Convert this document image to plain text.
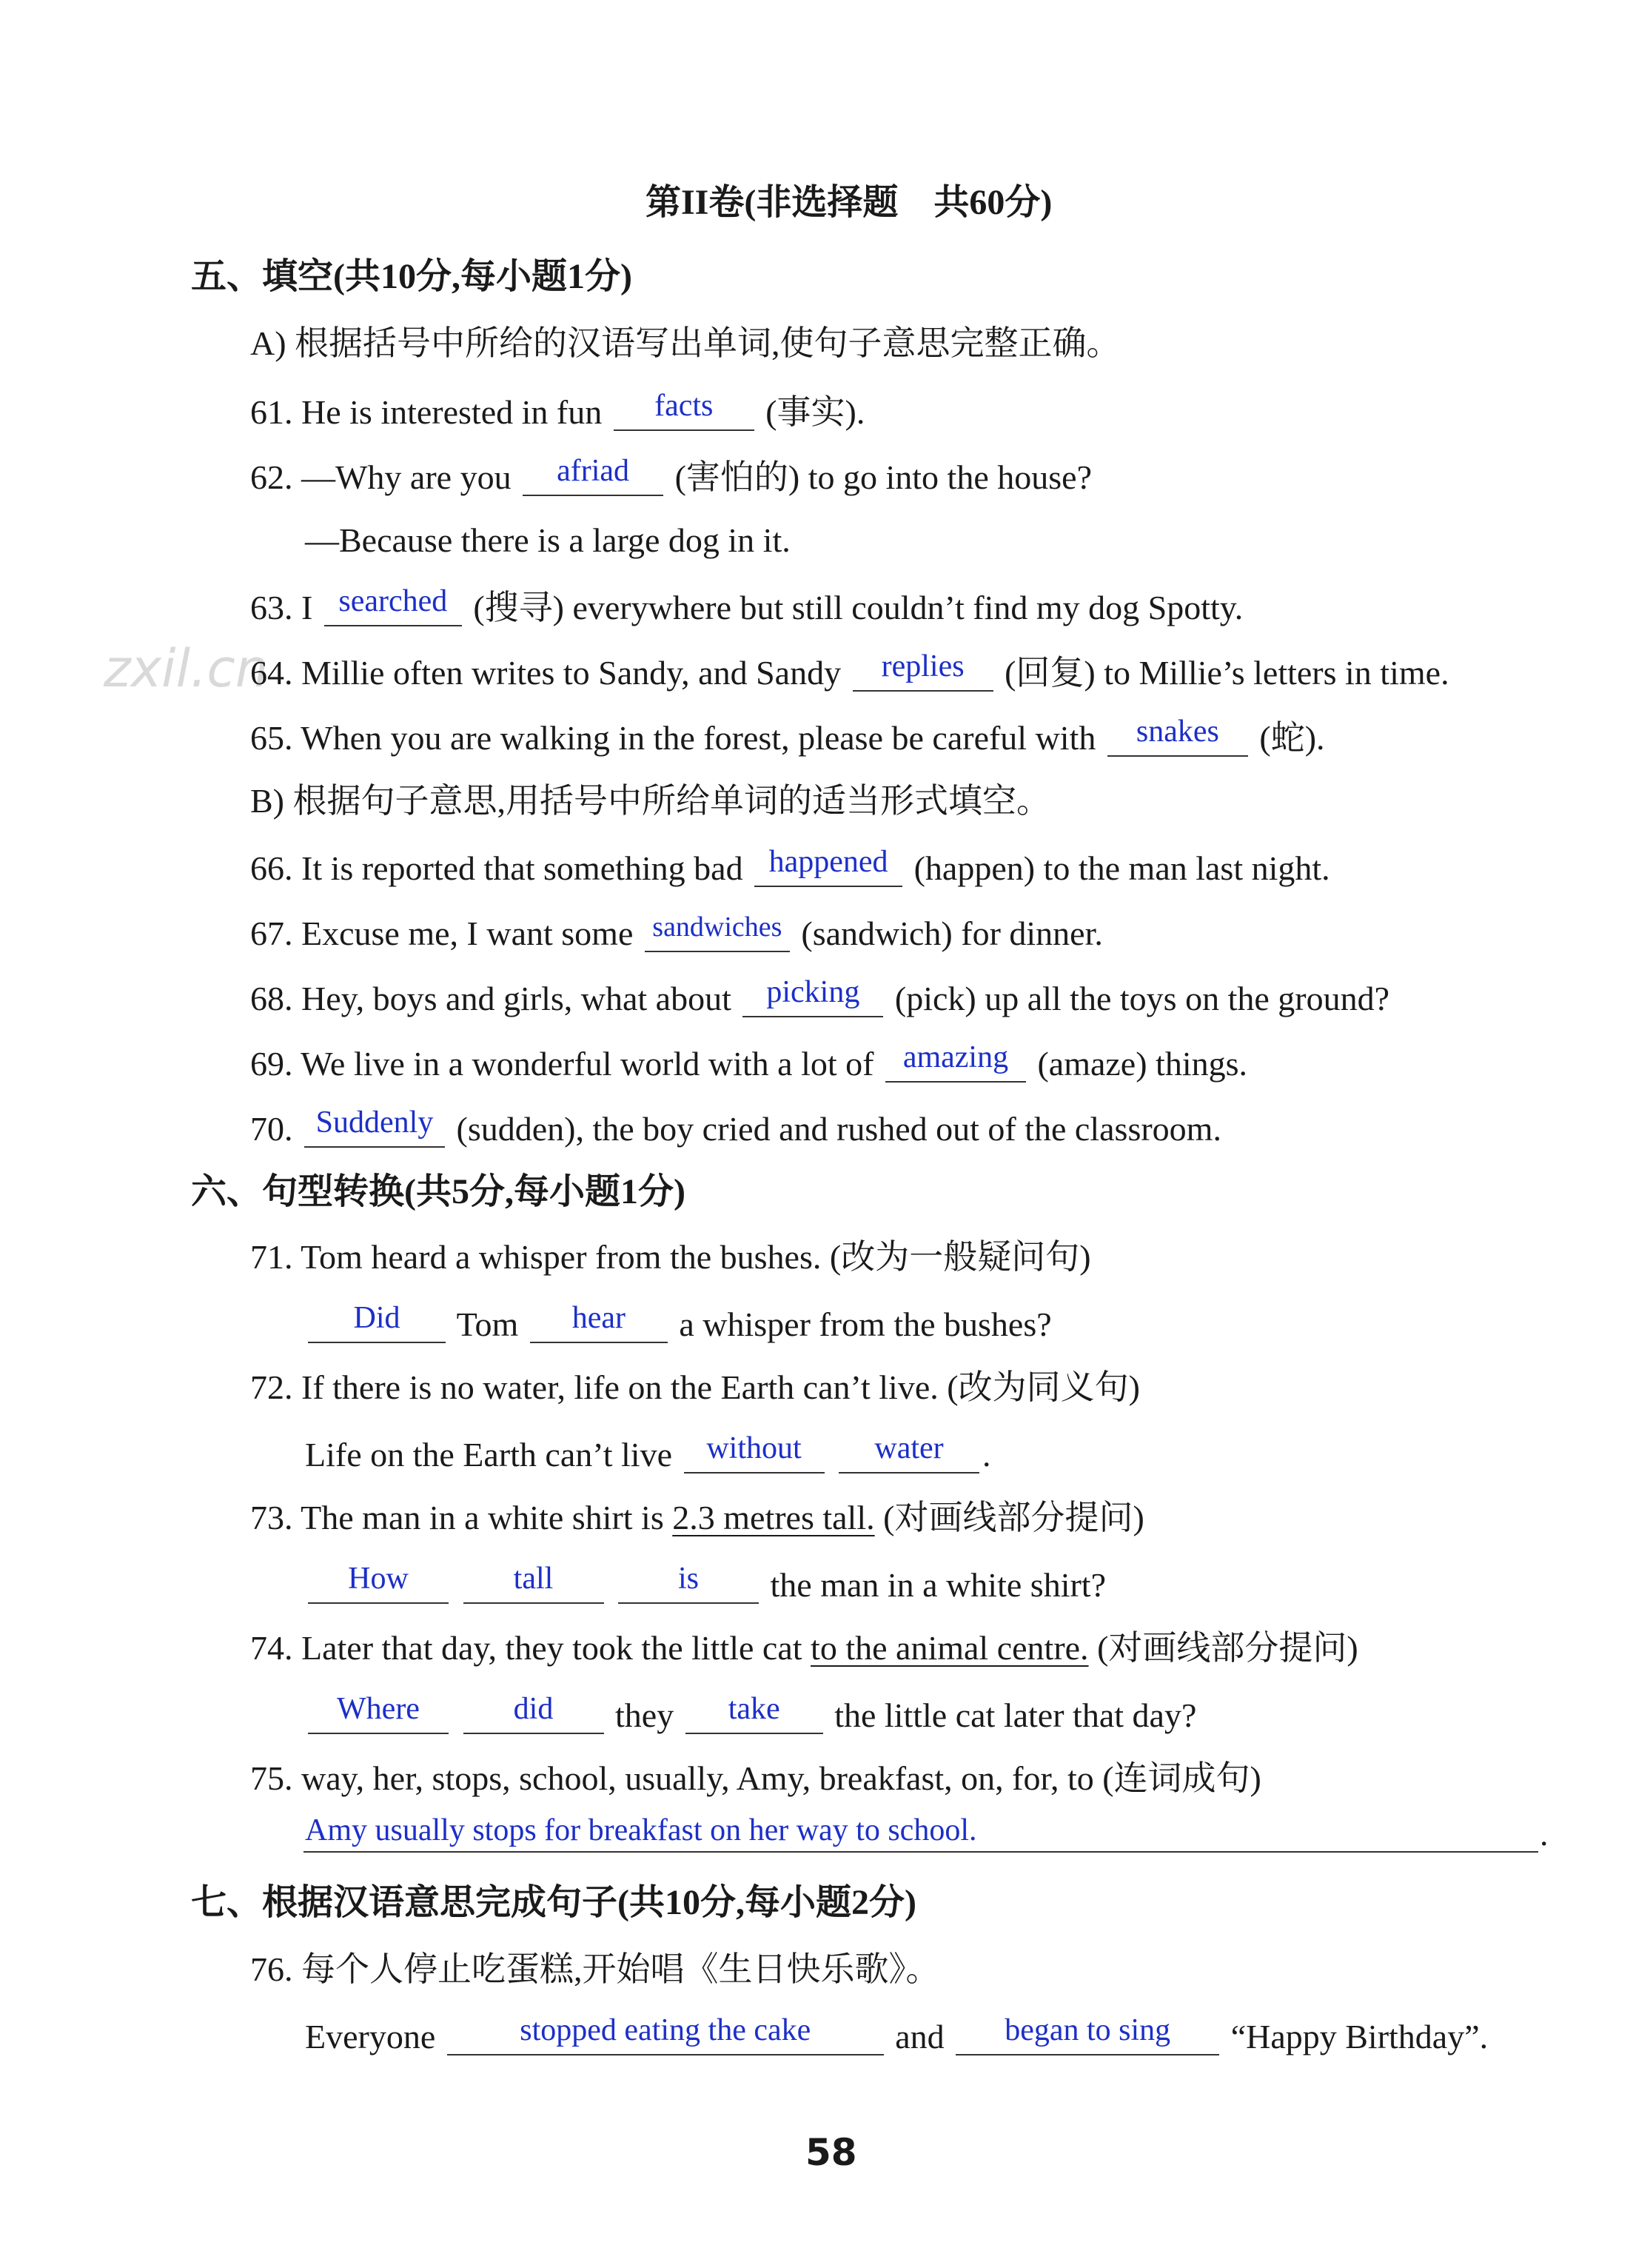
zxil.cn
第II卷(非选择题　共60分)
五、填空(共10分,每小题1分)
A) 根据括号中所给的汉语写出单词,使句子意思完整正确。
61. He is interested in fun	facts	(事实).
62. —Why are you	afriad	(害怕的) to go into the house?
—Because there is a large dog in it.
63. I searched (搜寻) everywhere but still couldn’t find my dog Spotty.
64. Millie often writes to Sandy, and Sandy	replies	(回复) to Millie’s letters in time.
65. When you are walking in the forest, please be careful with	snakes	(蛇).
B) 根据句子意思,用括号中所给单词的适当形式填空。
66. It is reported that something bad happened (happen) to the man last night.
67. Excuse me, I want some sandwiches (sandwich) for dinner.
68. Hey, boys and girls, what about	picking	(pick) up all the toys on the ground?
69. We live in a wonderful world with a lot of amazing (amaze) things.
70. Suddenly (sudden), the boy cried and rushed out of the classroom.
六、句型转换(共5分,每小题1分)
71. Tom heard a whisper from the bushes. (改为一般疑问句)
Did	Tom	hear	a whisper from the bushes?
72. If there is no water, life on the Earth can’t live. (改为同义句)
Life on the Earth can’t live	without
	water	.
73. The man in a white shirt is 2.3 metres tall. (对画线部分提问)
How
	tall
	is	the man in a white shirt?
74. Later that day, they took the little cat to the animal centre. (对画线部分提问)
Where
	did	they	take	the little cat later that day?
75. way, her, stops, school, usually, Amy, breakfast, on, for, to (连词成句)
Amy usually stops for breakfast on her way to school.	.
七、根据汉语意思完成句子(共10分,每小题2分)
76. 每个人停止吃蛋糕,开始唱《生日快乐歌》。
Everyone	stopped eating the cake	and	began to sing	“Happy Birthday”.
58
